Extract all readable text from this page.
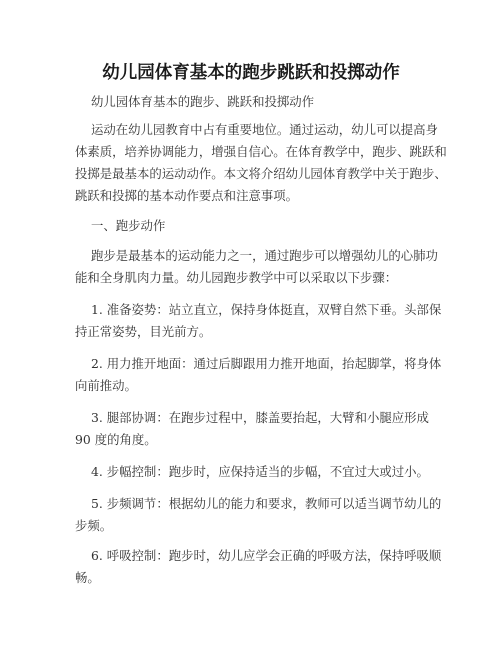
幼儿园体育基本的跑步跳跃和投掷动作

幼儿园体育基本的跑步、跳跃和投掷动作

运动在幼儿园教育中占有重要地位。通过运动，幼儿可以提高身体素质，培养协调能力，增强自信心。在体育教学中，跑步、跳跃和投掷是最基本的运动动作。本文将介绍幼儿园体育教学中关于跑步、跳跃和投掷的基本动作要点和注意事项。

一、跑步动作

跑步是最基本的运动能力之一，通过跑步可以增强幼儿的心肺功能和全身肌肉力量。幼儿园跑步教学中可以采取以下步骤：

1. 准备姿势：站立直立，保持身体挺直，双臂自然下垂。头部保持正常姿势，目光前方。

2. 用力推开地面：通过后脚跟用力推开地面，抬起脚掌，将身体向前推动。

3. 腿部协调：在跑步过程中，膝盖要抬起，大臂和小腿应形成 90 度的角度。

4. 步幅控制：跑步时，应保持适当的步幅，不宜过大或过小。

5. 步频调节：根据幼儿的能力和要求，教师可以适当调节幼儿的步频。

6. 呼吸控制：跑步时，幼儿应学会正确的呼吸方法，保持呼吸顺畅。
